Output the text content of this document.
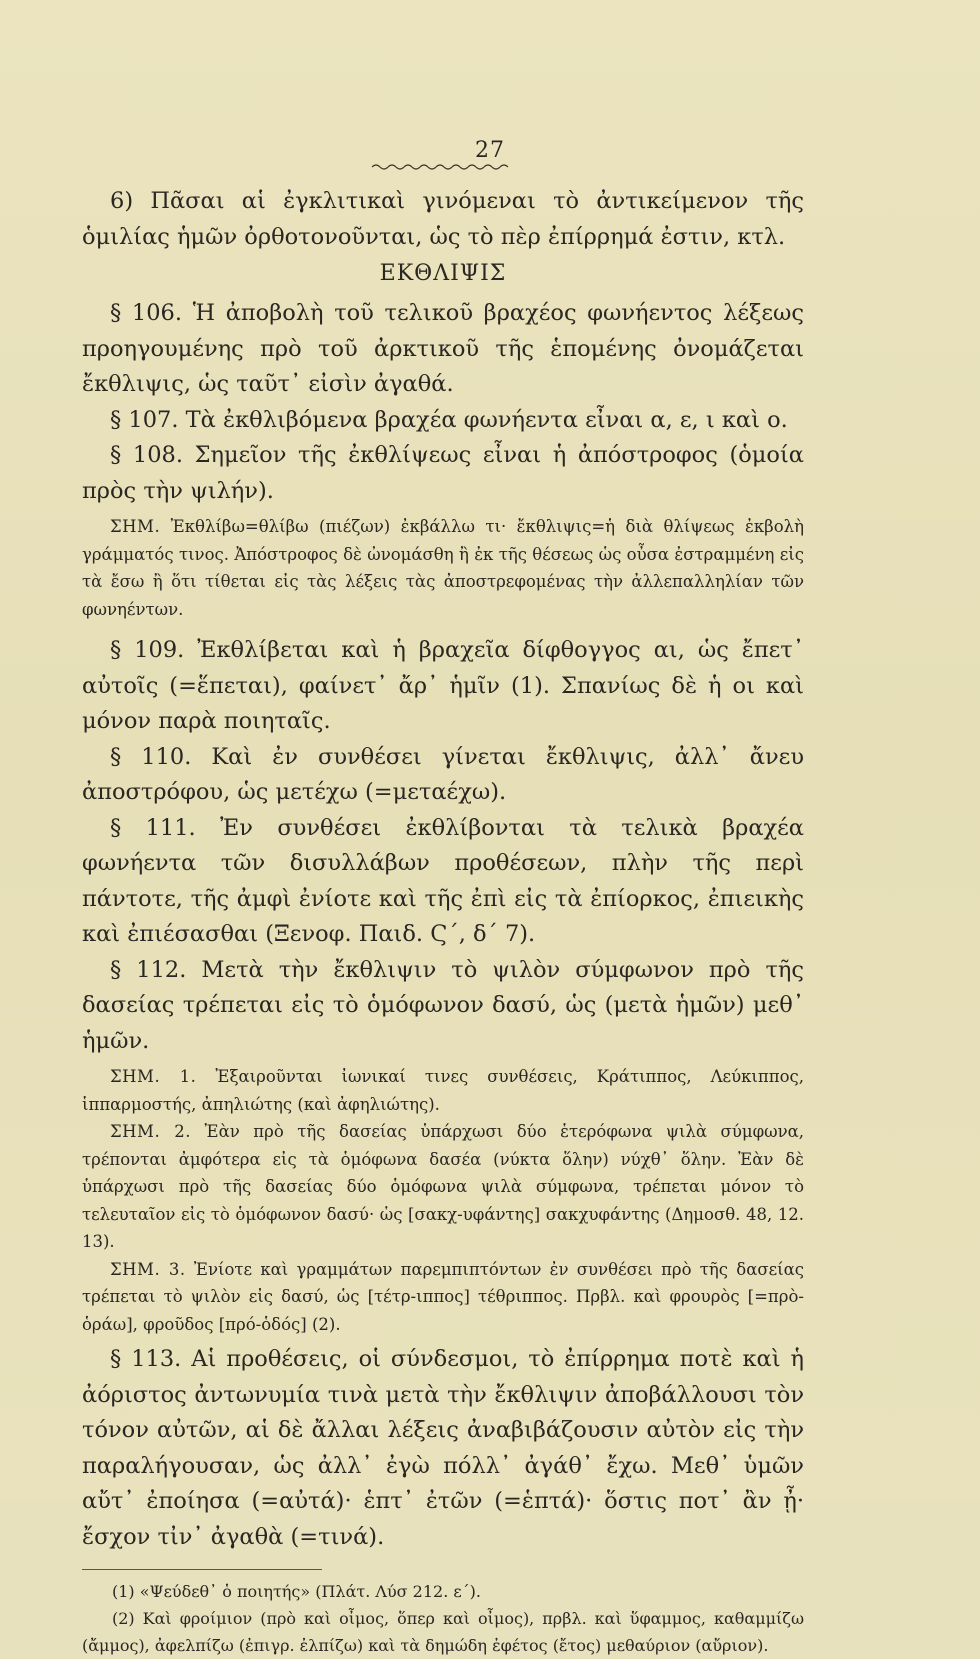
27

6) Πᾶσαι αἱ ἐγκλιτικαὶ γινόμεναι τὸ ἀντικείμενον τῆς ὁμιλίας ἡμῶν ὀρθοτονοῦνται, ὡς τὸ πὲρ ἐπίρρημά ἐστιν, κτλ.

ΕΚΘΛΙΨΙΣ

§ 106. Ἡ ἀποβολὴ τοῦ τελικοῦ βραχέος φωνήεντος λέξεως προηγουμένης πρὸ τοῦ ἀρκτικοῦ τῆς ἑπομένης ὀνομάζεται ἔκθλιψις, ὡς ταῦτ᾽ εἰσὶν ἀγαθά.

§ 107. Τὰ ἐκθλιβόμενα βραχέα φωνήεντα εἶναι α, ε, ι καὶ ο.

§ 108. Σημεῖον τῆς ἐκθλίψεως εἶναι ἡ ἀπόστροφος (ὁμοία πρὸς τὴν ψιλήν).

ΣΗΜ. Ἐκθλίβω=θλίβω (πιέζων) ἐκβάλλω τι· ἔκθλιψις=ἡ διὰ θλίψεως ἐκβολὴ γράμματός τινος. Ἀπόστροφος δὲ ὠνομάσθη ἢ ἐκ τῆς θέσεως ὡς οὖσα ἐστραμμένη εἰς τὰ ἔσω ἢ ὅτι τίθεται εἰς τὰς λέξεις τὰς ἀποστρεφομένας τὴν ἀλλεπαλληλίαν τῶν φωνηέντων.

§ 109. Ἐκθλίβεται καὶ ἡ βραχεῖα δίφθογγος αι, ὡς ἔπετ᾽ αὐτοῖς (=ἕπεται), φαίνετ᾽ ἄρ᾽ ἡμῖν (1). Σπανίως δὲ ἡ οι καὶ μόνον παρὰ ποιηταῖς.

§ 110. Καὶ ἐν συνθέσει γίνεται ἔκθλιψις, ἀλλ᾽ ἄνευ ἀποστρόφου, ὡς μετέχω (=μεταέχω).

§ 111. Ἐν συνθέσει ἐκθλίβονται τὰ τελικὰ βραχέα φωνήεντα τῶν δισυλλάβων προθέσεων, πλὴν τῆς περὶ πάντοτε, τῆς ἀμφὶ ἐνίοτε καὶ τῆς ἐπὶ εἰς τὰ ἐπίορκος, ἐπιεικὴς καὶ ἐπιέσασθαι (Ξενοφ. Παιδ. Ϛ΄, δ΄ 7).

§ 112. Μετὰ τὴν ἔκθλιψιν τὸ ψιλὸν σύμφωνον πρὸ τῆς δασείας τρέπεται εἰς τὸ ὁμόφωνον δασύ, ὡς (μετὰ ἡμῶν) μεθ᾽ ἡμῶν.

ΣΗΜ. 1. Ἐξαιροῦνται ἰωνικαί τινες συνθέσεις, Κράτιππος, Λεύκιππος, ἱππαρμοστής, ἀπηλιώτης (καὶ ἀφηλιώτης).

ΣΗΜ. 2. Ἐὰν πρὸ τῆς δασείας ὑπάρχωσι δύο ἑτερόφωνα ψιλὰ σύμφωνα, τρέπονται ἀμφότερα εἰς τὰ ὁμόφωνα δασέα (νύκτα ὅλην) νύχθ᾽ ὅλην. Ἐὰν δὲ ὑπάρχωσι πρὸ τῆς δασείας δύο ὁμόφωνα ψιλὰ σύμφωνα, τρέπεται μόνον τὸ τελευταῖον εἰς τὸ ὁμόφωνον δασύ· ὡς [σακχ-υφάντης] σακχυφάντης (Δημοσθ. 48, 12. 13).

ΣΗΜ. 3. Ἐνίοτε καὶ γραμμάτων παρεμπιπτόντων ἐν συνθέσει πρὸ τῆς δασείας τρέπεται τὸ ψιλὸν εἰς δασύ, ὡς [τέτρ-ιππος] τέθριππος. Πρβλ. καὶ φρουρὸς [=πρὸ-ὁράω], φροῦδος [πρό-ὁδός] (2).

§ 113. Αἱ προθέσεις, οἱ σύνδεσμοι, τὸ ἐπίρρημα ποτὲ καὶ ἡ ἀόριστος ἀντωνυμία τινὰ μετὰ τὴν ἔκθλιψιν ἀποβάλλουσι τὸν τόνον αὐτῶν, αἱ δὲ ἄλλαι λέξεις ἀναβιβάζουσιν αὐτὸν εἰς τὴν παραλήγουσαν, ὡς ἀλλ᾽ ἐγὼ πόλλ᾽ ἀγάθ᾽ ἔχω. Μεθ᾽ ὑμῶν αὔτ᾽ ἐποίησα (=αὐτά)· ἑπτ᾽ ἐτῶν (=ἑπτά)· ὅστις ποτ᾽ ἂν ᾖ· ἔσχον τἰν᾽ ἀγαθὰ (=τινά).

(1) «Ψεύδεθ᾽ ὁ ποιητής» (Πλάτ. Λύσ 212. ε΄).

(2) Καὶ φροίμιον (πρὸ καὶ οἶμος, ὅπερ καὶ οἶμος), πρβλ. καὶ ὕφαμμος, καθαμμίζω (ἄμμος), ἀφελπίζω (ἐπιγρ. ἐλπίζω) καὶ τὰ δημώδη ἐφέτος (ἔτος) μεθαύριον (αὔριον).
